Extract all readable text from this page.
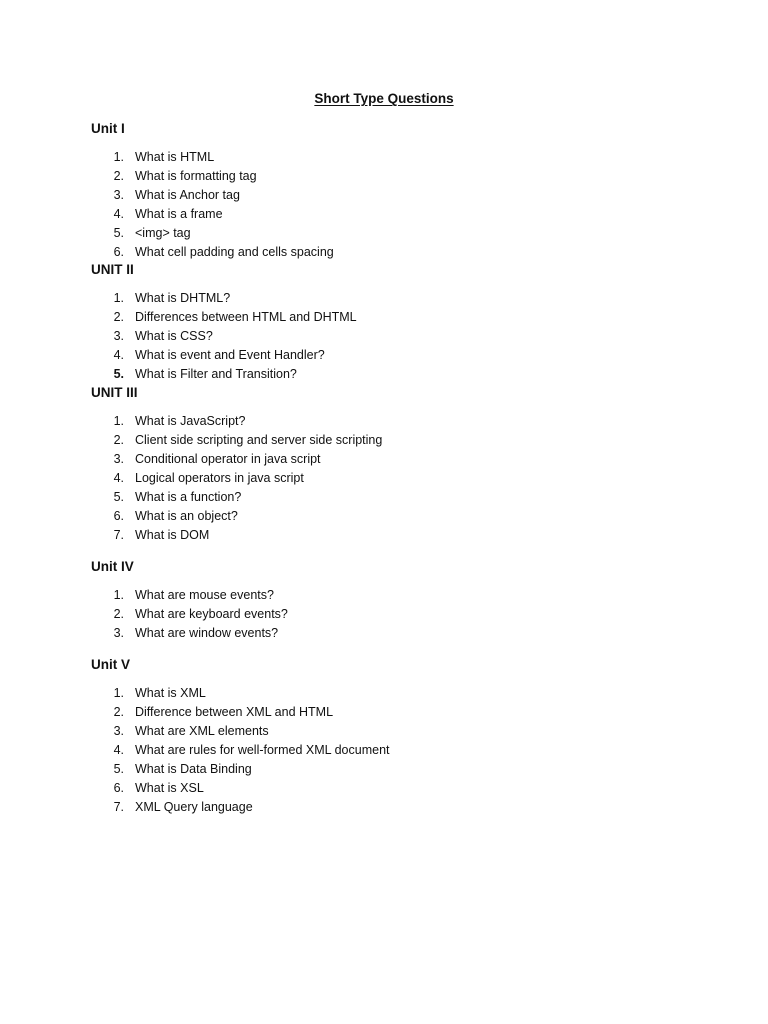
Short Type Questions
Unit I
1. What is HTML
2. What is formatting tag
3. What is Anchor tag
4. What is a frame
5. <img> tag
6. What cell padding and cells spacing
UNIT II
1. What is DHTML?
2. Differences between HTML and DHTML
3. What is CSS?
4. What is event and Event Handler?
5. What is Filter and Transition?
UNIT III
1. What is JavaScript?
2. Client side scripting and server side scripting
3. Conditional operator in java script
4. Logical operators in java script
5. What is a function?
6. What is an object?
7. What is DOM
Unit IV
1. What are mouse events?
2. What are keyboard events?
3. What are window events?
Unit V
1. What is XML
2. Difference between XML and HTML
3. What are XML elements
4. What are rules for well-formed XML document
5. What is Data Binding
6. What is XSL
7. XML Query language
